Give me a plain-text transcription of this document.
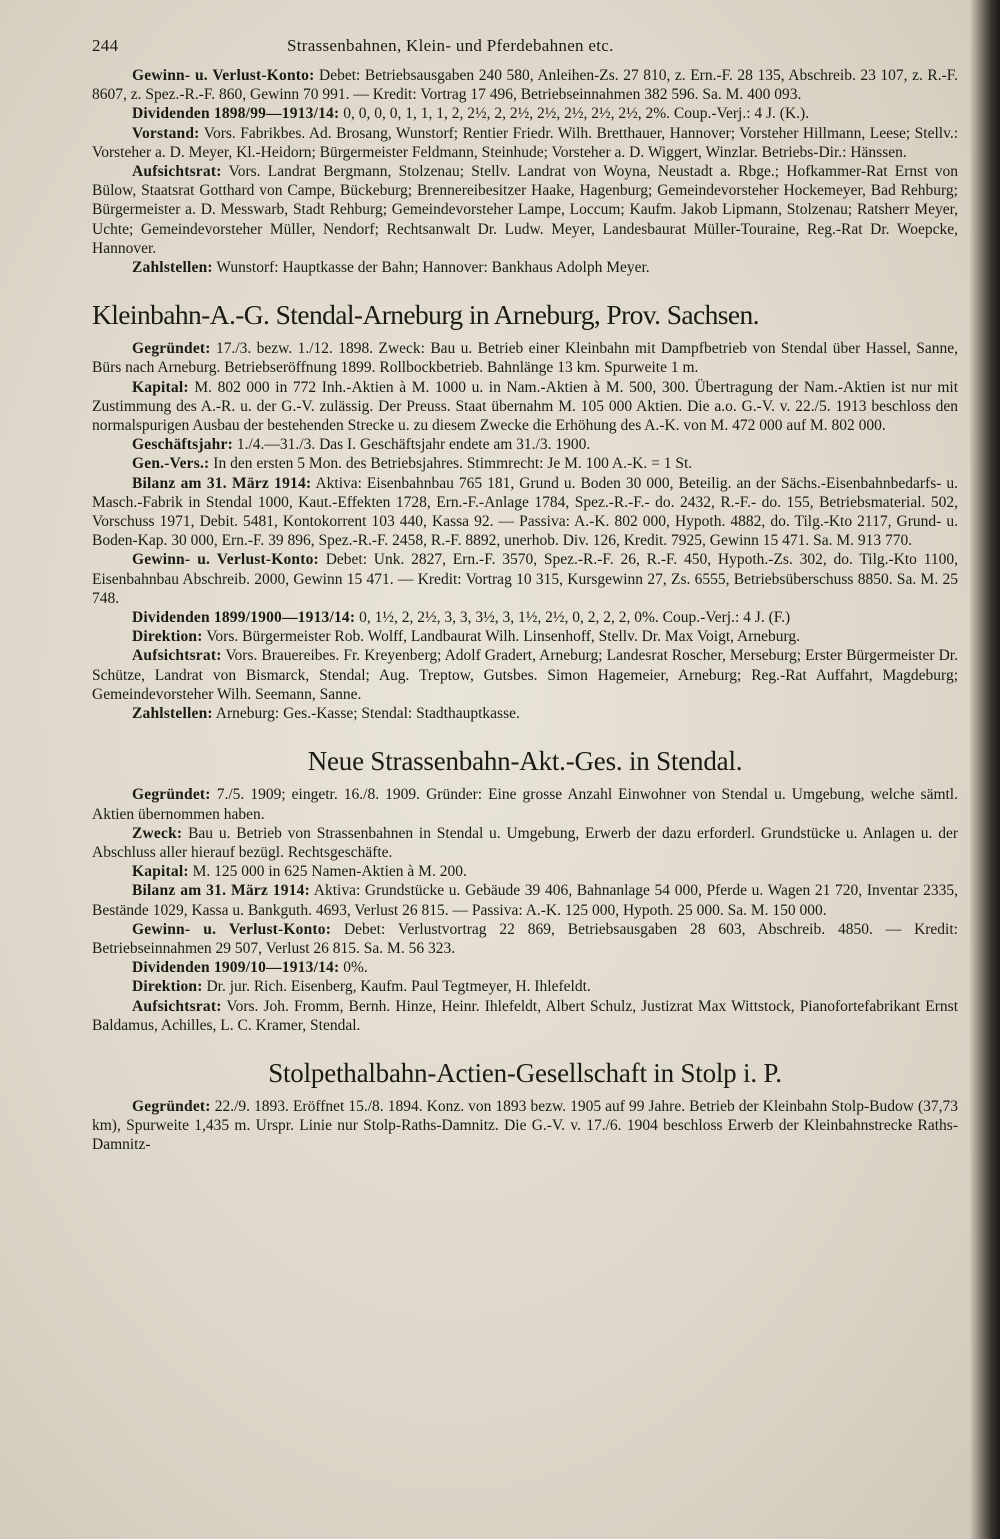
244	Strassenbahnen, Klein- und Pferdebahnen etc.

Gewinn- u. Verlust-Konto: Debet: Betriebsausgaben 240 580, Anleihen-Zs. 27 810, z. Ern.-F. 28 135, Abschreib. 23 107, z. R.-F. 8607, z. Spez.-R.-F. 860, Gewinn 70 991. — Kredit: Vortrag 17 496, Betriebseinnahmen 382 596. Sa. M. 400 093.

Dividenden 1898/99—1913/14: 0, 0, 0, 0, 1, 1, 1, 2, 2½, 2, 2½, 2½, 2½, 2½, 2½, 2%. Coup.-Verj.: 4 J. (K.).

Vorstand: Vors. Fabrikbes. Ad. Brosang, Wunstorf; Rentier Friedr. Wilh. Bretthauer, Hannover; Vorsteher Hillmann, Leese; Stellv.: Vorsteher a. D. Meyer, Kl.-Heidorn; Bürgermeister Feldmann, Steinhude; Vorsteher a. D. Wiggert, Winzlar. Betriebs-Dir.: Hänssen.

Aufsichtsrat: Vors. Landrat Bergmann, Stolzenau; Stellv. Landrat von Woyna, Neustadt a. Rbge.; Hofkammer-Rat Ernst von Bülow, Staatsrat Gotthard von Campe, Bückeburg; Brennereibesitzer Haake, Hagenburg; Gemeindevorsteher Hockemeyer, Bad Rehburg; Bürgermeister a. D. Messwarb, Stadt Rehburg; Gemeindevorsteher Lampe, Loccum; Kaufm. Jakob Lipmann, Stolzenau; Ratsherr Meyer, Uchte; Gemeindevorsteher Müller, Nendorf; Rechtsanwalt Dr. Ludw. Meyer, Landesbaurat Müller-Touraine, Reg.-Rat Dr. Woepcke, Hannover.

Zahlstellen: Wunstorf: Hauptkasse der Bahn; Hannover: Bankhaus Adolph Meyer.

Kleinbahn-A.-G. Stendal-Arneburg in Arneburg, Prov. Sachsen.

Gegründet: 17./3. bezw. 1./12. 1898. Zweck: Bau u. Betrieb einer Kleinbahn mit Dampfbetrieb von Stendal über Hassel, Sanne, Bürs nach Arneburg. Betriebseröffnung 1899. Rollbockbetrieb. Bahnlänge 13 km. Spurweite 1 m.

Kapital: M. 802 000 in 772 Inh.-Aktien à M. 1000 u. in Nam.-Aktien à M. 500, 300. Übertragung der Nam.-Aktien ist nur mit Zustimmung des A.-R. u. der G.-V. zulässig. Der Preuss. Staat übernahm M. 105 000 Aktien. Die a.o. G.-V. v. 22./5. 1913 beschloss den normalspurigen Ausbau der bestehenden Strecke u. zu diesem Zwecke die Erhöhung des A.-K. von M. 472 000 auf M. 802 000.

Geschäftsjahr: 1./4.—31./3. Das I. Geschäftsjahr endete am 31./3. 1900.

Gen.-Vers.: In den ersten 5 Mon. des Betriebsjahres. Stimmrecht: Je M. 100 A.-K. = 1 St.

Bilanz am 31. März 1914: Aktiva: Eisenbahnbau 765 181, Grund u. Boden 30 000, Beteilig. an der Sächs.-Eisenbahnbedarfs- u. Masch.-Fabrik in Stendal 1000, Kaut.-Effekten 1728, Ern.-F.-Anlage 1784, Spez.-R.-F.- do. 2432, R.-F.- do. 155, Betriebsmaterial. 502, Vorschuss 1971, Debit. 5481, Kontokorrent 103 440, Kassa 92. — Passiva: A.-K. 802 000, Hypoth. 4882, do. Tilg.-Kto 2117, Grund- u. Boden-Kap. 30 000, Ern.-F. 39 896, Spez.-R.-F. 2458, R.-F. 8892, unerhob. Div. 126, Kredit. 7925, Gewinn 15 471. Sa. M. 913 770.

Gewinn- u. Verlust-Konto: Debet: Unk. 2827, Ern.-F. 3570, Spez.-R.-F. 26, R.-F. 450, Hypoth.-Zs. 302, do. Tilg.-Kto 1100, Eisenbahnbau Abschreib. 2000, Gewinn 15 471. — Kredit: Vortrag 10 315, Kursgewinn 27, Zs. 6555, Betriebsüberschuss 8850. Sa. M. 25 748.

Dividenden 1899/1900—1913/14: 0, 1½, 2, 2½, 3, 3, 3½, 3, 1½, 2½, 0, 2, 2, 2, 0%. Coup.-Verj.: 4 J. (F.)

Direktion: Vors. Bürgermeister Rob. Wolff, Landbaurat Wilh. Linsenhoff, Stellv. Dr. Max Voigt, Arneburg.

Aufsichtsrat: Vors. Brauereibes. Fr. Kreyenberg; Adolf Gradert, Arneburg; Landesrat Roscher, Merseburg; Erster Bürgermeister Dr. Schütze, Landrat von Bismarck, Stendal; Aug. Treptow, Gutsbes. Simon Hagemeier, Arneburg; Reg.-Rat Auffahrt, Magdeburg; Gemeindevorsteher Wilh. Seemann, Sanne.

Zahlstellen: Arneburg: Ges.-Kasse; Stendal: Stadthauptkasse.

Neue Strassenbahn-Akt.-Ges. in Stendal.

Gegründet: 7./5. 1909; eingetr. 16./8. 1909. Gründer: Eine grosse Anzahl Einwohner von Stendal u. Umgebung, welche sämtl. Aktien übernommen haben.

Zweck: Bau u. Betrieb von Strassenbahnen in Stendal u. Umgebung, Erwerb der dazu erforderl. Grundstücke u. Anlagen u. der Abschluss aller hierauf bezügl. Rechtsgeschäfte.

Kapital: M. 125 000 in 625 Namen-Aktien à M. 200.

Bilanz am 31. März 1914: Aktiva: Grundstücke u. Gebäude 39 406, Bahnanlage 54 000, Pferde u. Wagen 21 720, Inventar 2335, Bestände 1029, Kassa u. Bankguth. 4693, Verlust 26 815. — Passiva: A.-K. 125 000, Hypoth. 25 000. Sa. M. 150 000.

Gewinn- u. Verlust-Konto: Debet: Verlustvortrag 22 869, Betriebsausgaben 28 603, Abschreib. 4850. — Kredit: Betriebseinnahmen 29 507, Verlust 26 815. Sa. M. 56 323.

Dividenden 1909/10—1913/14: 0%.

Direktion: Dr. jur. Rich. Eisenberg, Kaufm. Paul Tegtmeyer, H. Ihlefeldt.

Aufsichtsrat: Vors. Joh. Fromm, Bernh. Hinze, Heinr. Ihlefeldt, Albert Schulz, Justizrat Max Wittstock, Pianofortefabrikant Ernst Baldamus, Achilles, L. C. Kramer, Stendal.

Stolpethalbahn-Actien-Gesellschaft in Stolp i. P.

Gegründet: 22./9. 1893. Eröffnet 15./8. 1894. Konz. von 1893 bezw. 1905 auf 99 Jahre. Betrieb der Kleinbahn Stolp-Budow (37,73 km), Spurweite 1,435 m. Urspr. Linie nur Stolp-Raths-Damnitz. Die G.-V. v. 17./6. 1904 beschloss Erwerb der Kleinbahnstrecke Raths-Damnitz-
